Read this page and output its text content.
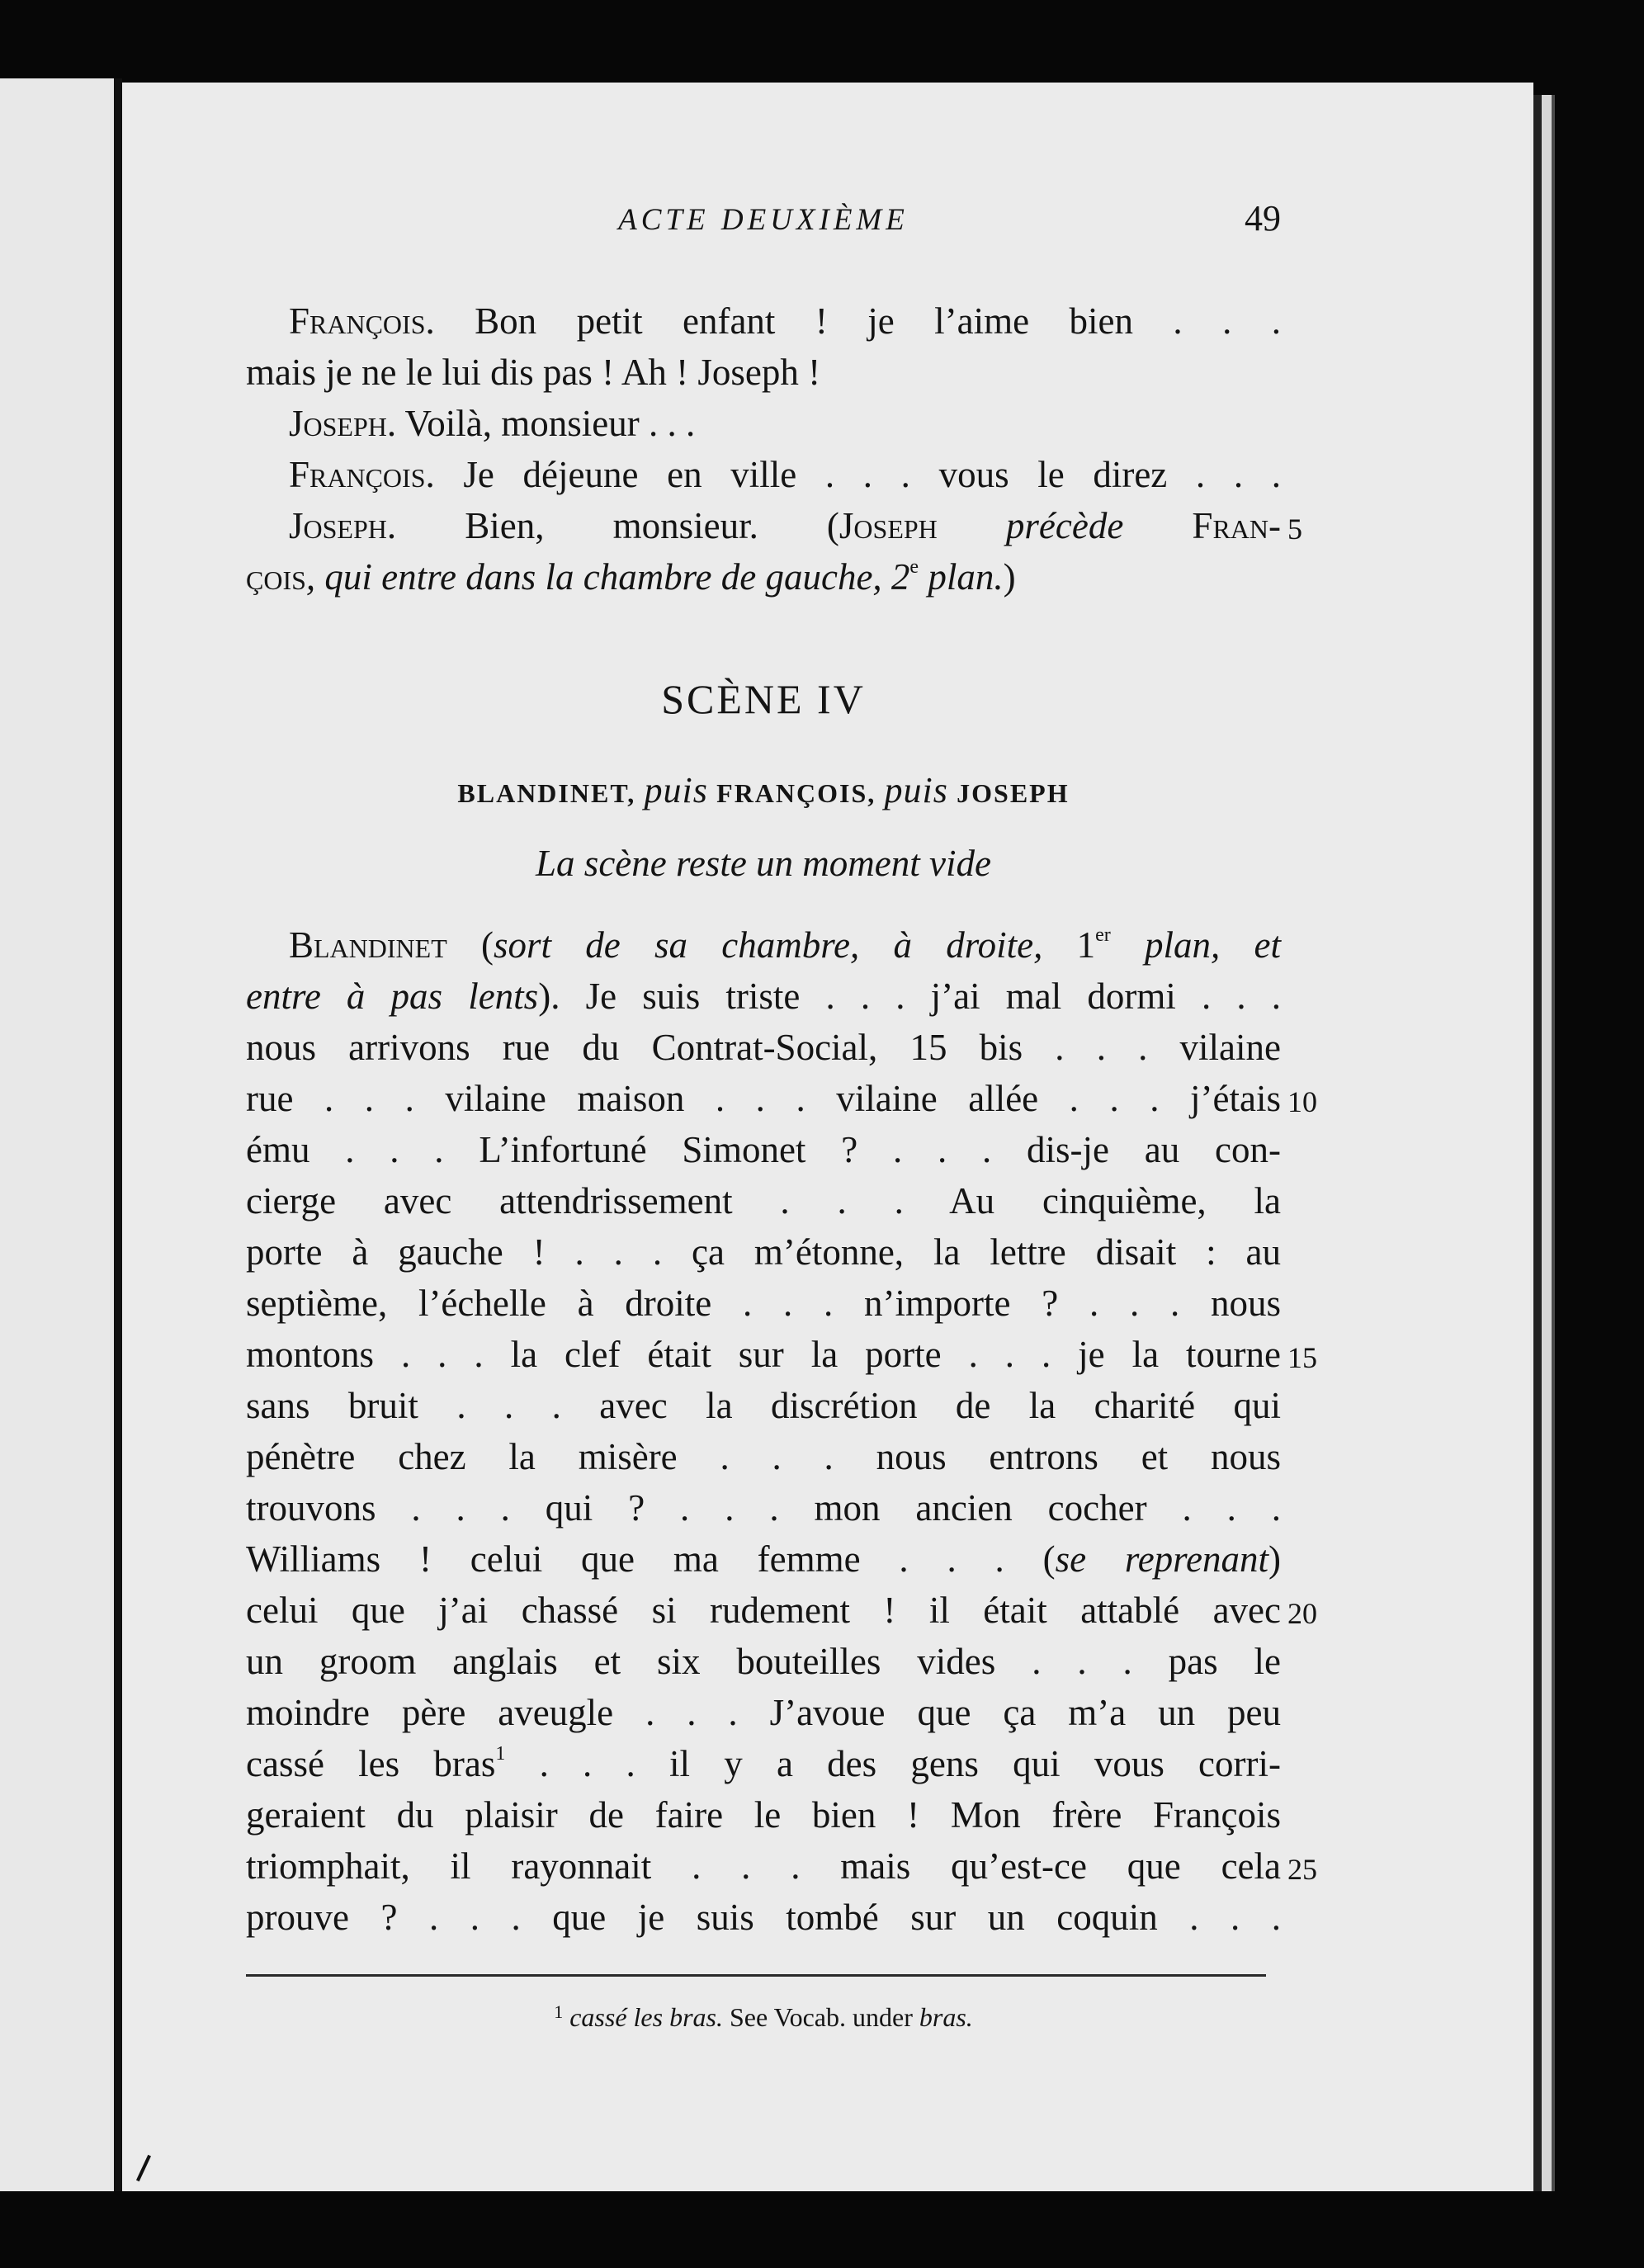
ACTE DEUXIÈME	49
François. Bon petit enfant ! je l’aime bien . . .
mais je ne le lui dis pas ! Ah ! Joseph !
Joseph. Voilà, monsieur . . .
François. Je déjeune en ville . . . vous le direz . . .
Joseph. Bien, monsieur. (Joseph précède Fran- 5
çois, qui entre dans la chambre de gauche, 2e plan.)
SCÈNE IV
BLANDINET, puis FRANÇOIS, puis JOSEPH
La scène reste un moment vide
Blandinet (sort de sa chambre, à droite, 1er plan, et
entre à pas lents). Je suis triste . . . j’ai mal dormi . . .
nous arrivons rue du Contrat-Social, 15 bis . . . vilaine
rue . . . vilaine maison . . . vilaine allée . . . j’étais 10
ému . . . L’infortuné Simonet ? . . . dis-je au con-
cierge avec attendrissement . . . Au cinquième, la
porte à gauche ! . . . ça m’étonne, la lettre disait : au
septième, l’échelle à droite . . . n’importe ? . . . nous
montons . . . la clef était sur la porte . . . je la tourne 15
sans bruit . . . avec la discrétion de la charité qui
pénètre chez la misère . . . nous entrons et nous
trouvons . . . qui ? . . . mon ancien cocher . . .
Williams ! celui que ma femme . . . (se reprenant)
celui que j’ai chassé si rudement ! il était attablé avec 20
un groom anglais et six bouteilles vides . . . pas le
moindre père aveugle . . . J’avoue que ça m’a un peu
cassé les bras$^1$ . . . il y a des gens qui vous corri-
geraient du plaisir de faire le bien ! Mon frère François
triomphait, il rayonnait . . . mais qu’est-ce que cela 25
prouve ? . . . que je suis tombé sur un coquin . . .
$^1$ cassé les bras. See Vocab. under bras.
